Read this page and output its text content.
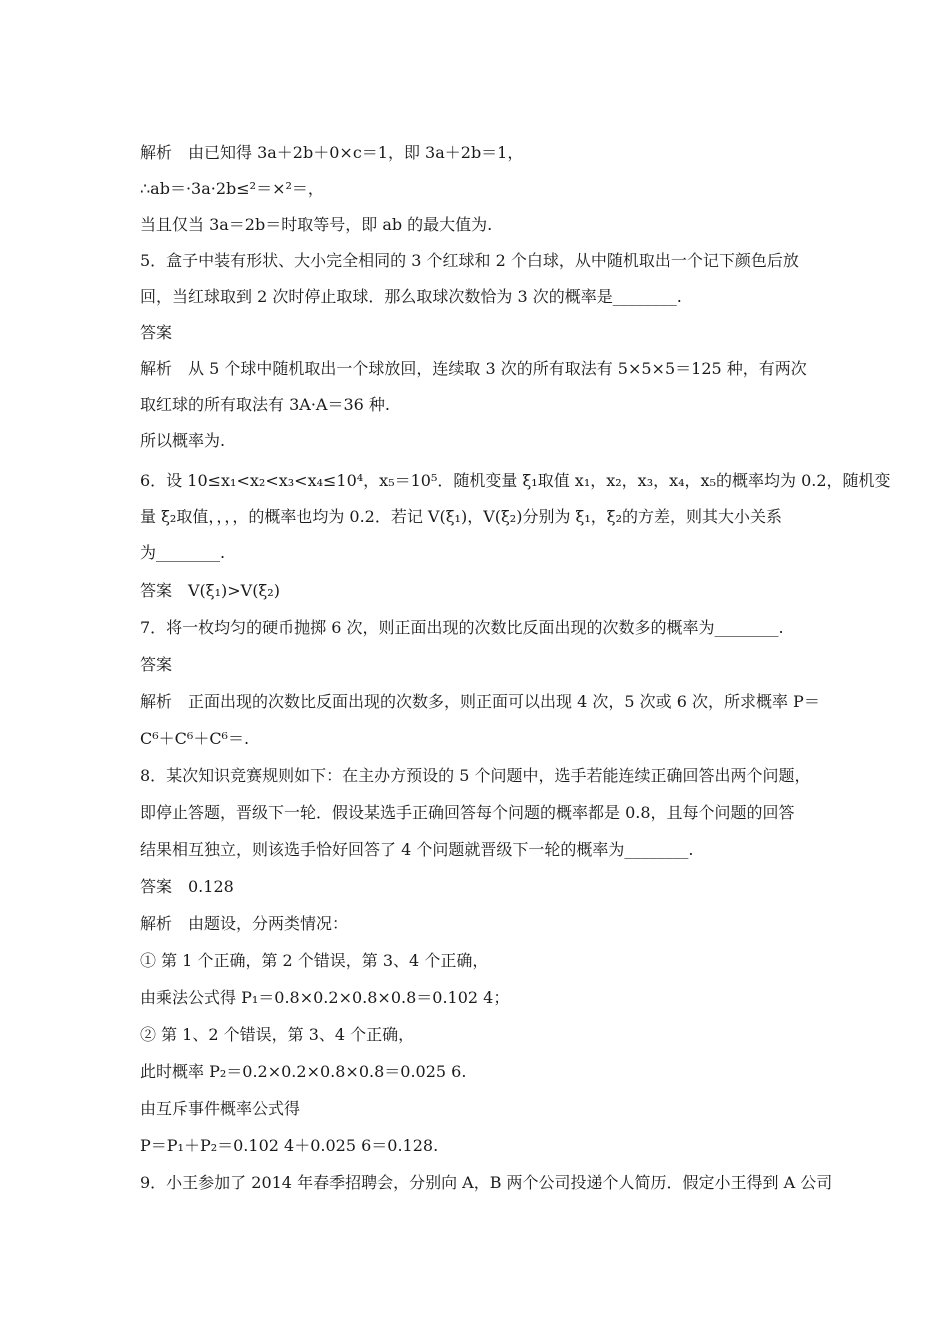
解析　由已知得 3a＋2b＋0×c＝1，即 3a＋2b＝1，
∴ab＝·3a·2b≤²＝×²＝，
当且仅当 3a＝2b＝时取等号，即 ab 的最大值为.
5．盒子中装有形状、大小完全相同的 3 个红球和 2 个白球，从中随机取出一个记下颜色后放
回，当红球取到 2 次时停止取球．那么取球次数恰为 3 次的概率是________.
答案
解析　从 5 个球中随机取出一个球放回，连续取 3 次的所有取法有 5×5×5＝125 种，有两次
取红球的所有取法有 3A·A＝36 种.
所以概率为.
6．设 10≤x₁<x₂<x₃<x₄≤10⁴，x₅＝10⁵．随机变量 ξ₁取值 x₁，x₂，x₃，x₄，x₅的概率均为 0.2，随机变
量 ξ₂取值，，，，的概率也均为 0.2．若记 V(ξ₁)，V(ξ₂)分别为 ξ₁，ξ₂的方差，则其大小关系
为________.
答案　V(ξ₁)>V(ξ₂)
7．将一枚均匀的硬币抛掷 6 次，则正面出现的次数比反面出现的次数多的概率为________.
答案
解析　正面出现的次数比反面出现的次数多，则正面可以出现 4 次，5 次或 6 次，所求概率 P＝
C⁶＋C⁶＋C⁶＝.
8．某次知识竞赛规则如下：在主办方预设的 5 个问题中，选手若能连续正确回答出两个问题，
即停止答题，晋级下一轮．假设某选手正确回答每个问题的概率都是 0.8，且每个问题的回答
结果相互独立，则该选手恰好回答了 4 个问题就晋级下一轮的概率为________.
答案　0.128
解析　由题设，分两类情况：
① 第 1 个正确，第 2 个错误，第 3、4 个正确，
由乘法公式得 P₁＝0.8×0.2×0.8×0.8＝0.102 4；
② 第 1、2 个错误，第 3、4 个正确，
此时概率 P₂＝0.2×0.2×0.8×0.8＝0.025 6.
由互斥事件概率公式得
P＝P₁＋P₂＝0.102 4＋0.025 6＝0.128.
9．小王参加了 2014 年春季招聘会，分别向 A，B 两个公司投递个人简历．假定小王得到 A 公司
